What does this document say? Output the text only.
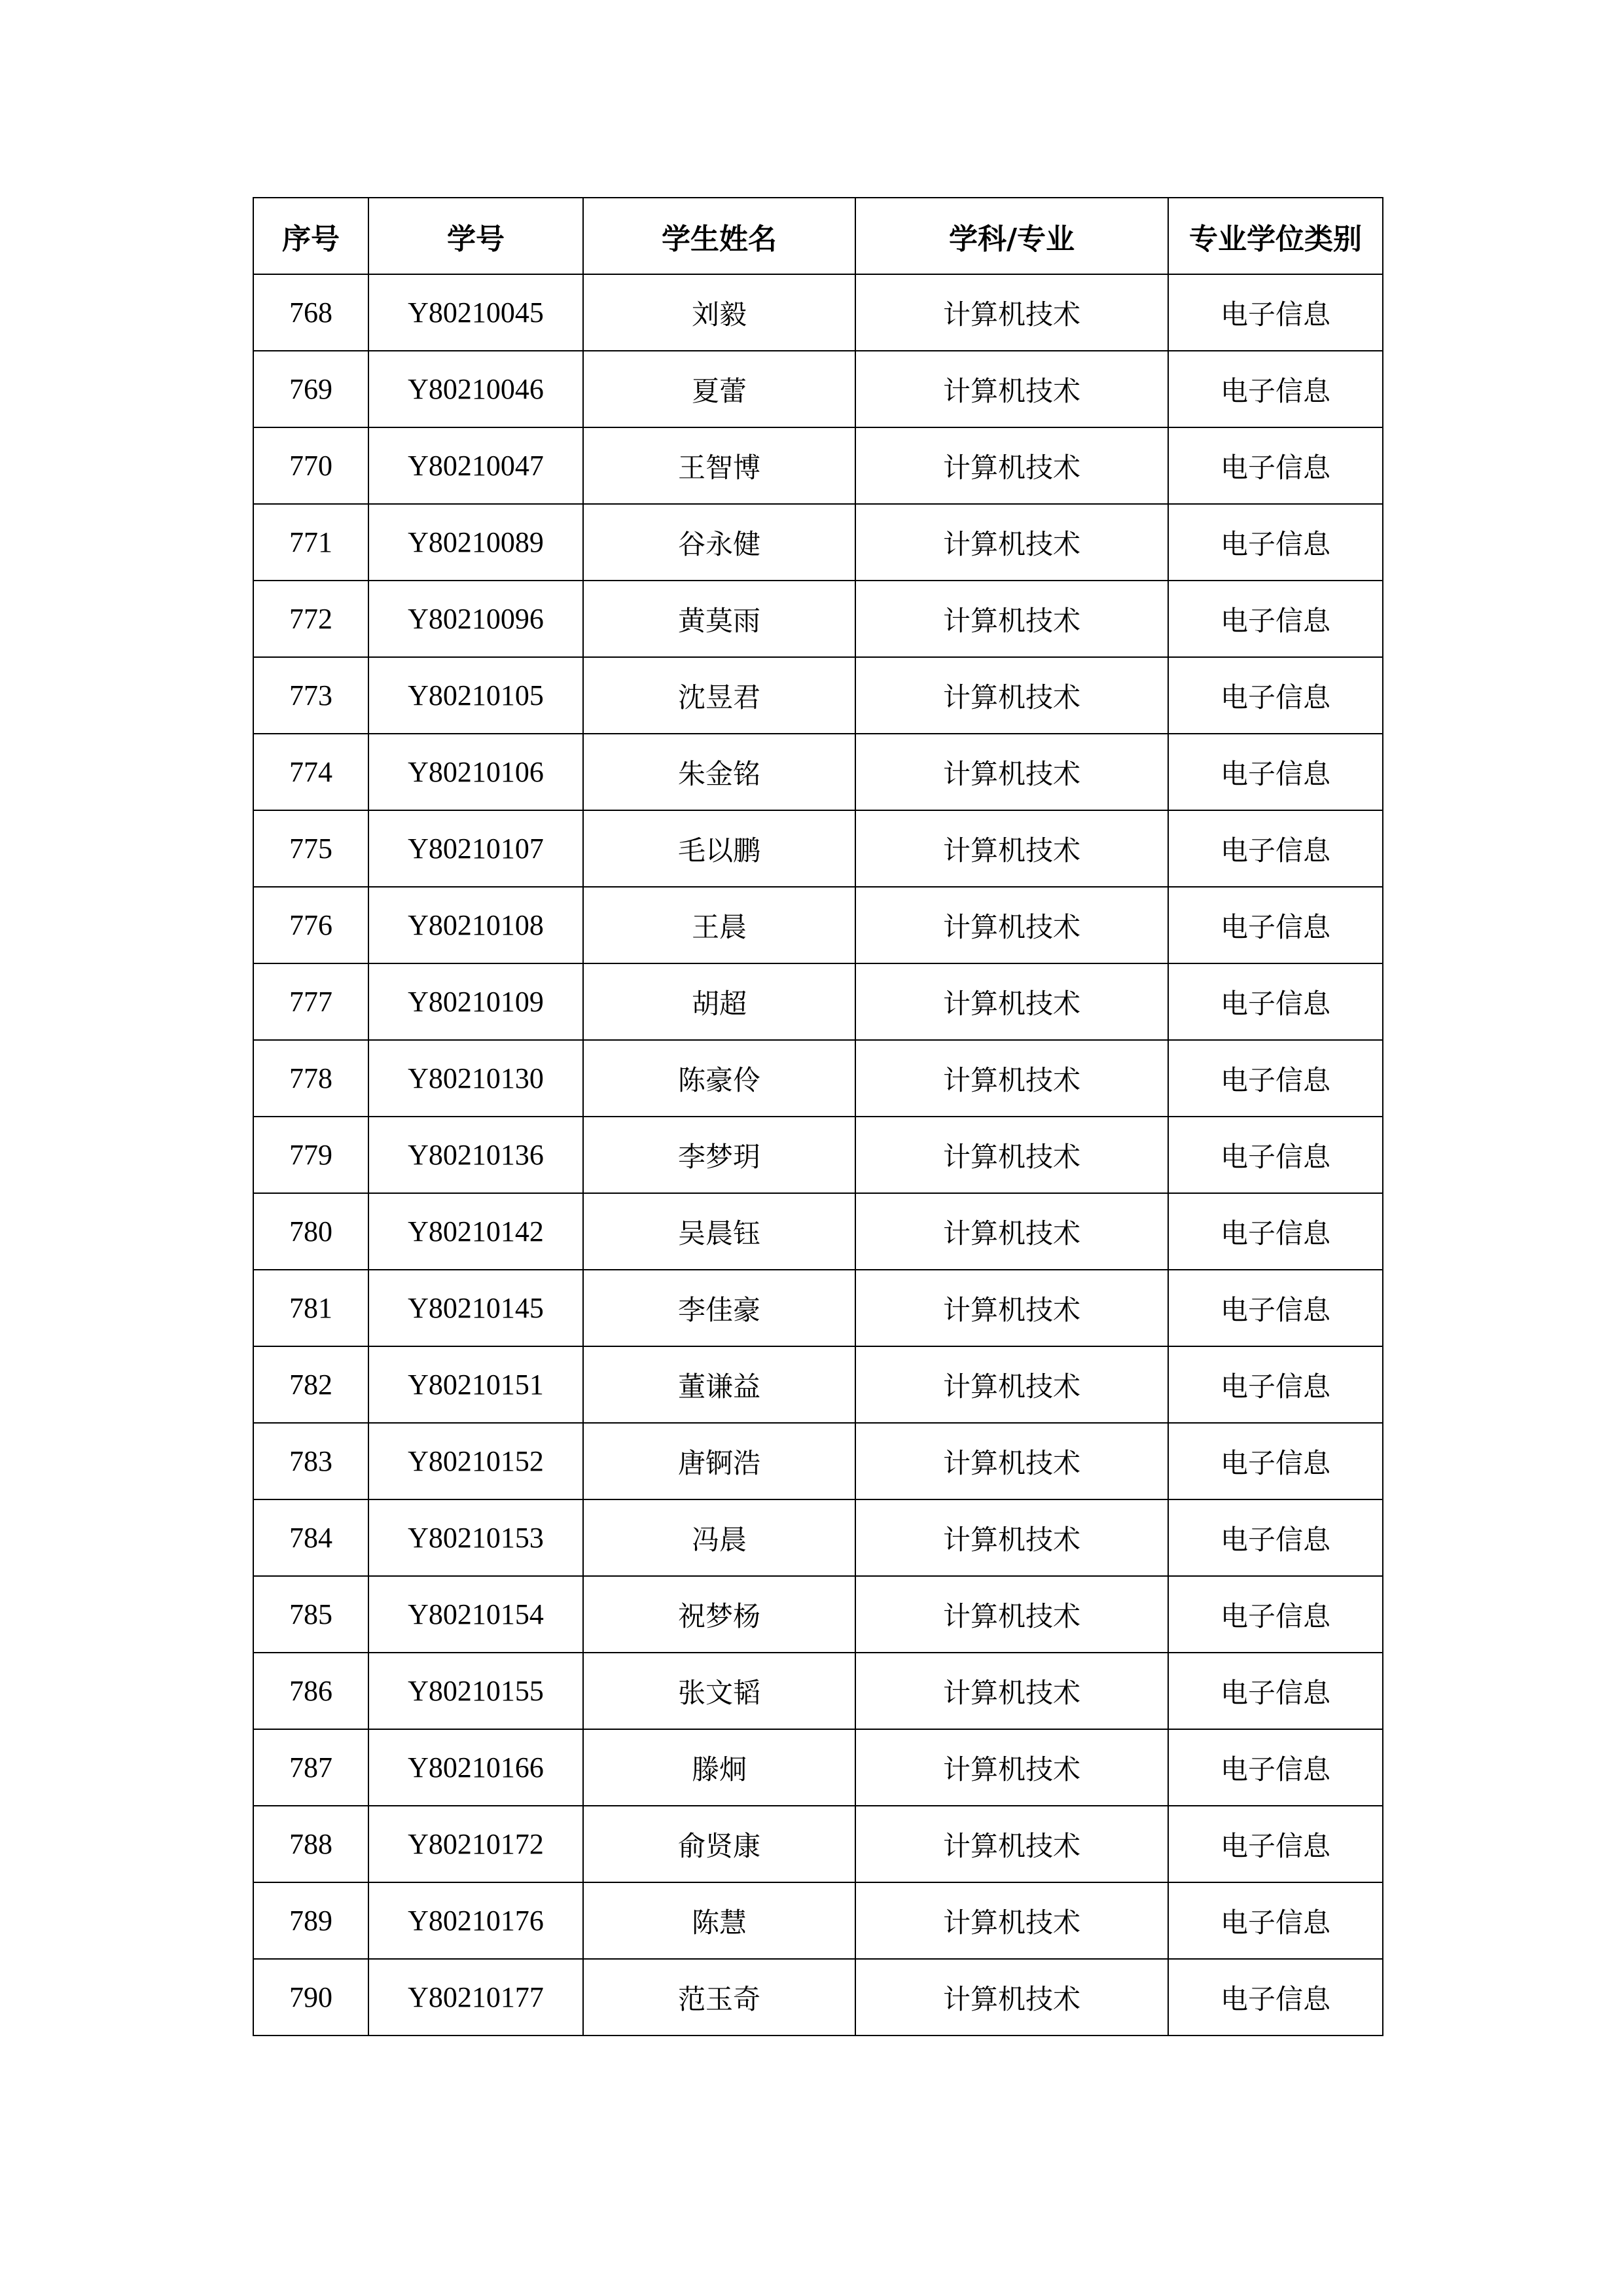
序号	学号	学生姓名	学科/专业	专业学位类别
768	Y80210045	刘毅	计算机技术	电子信息
769	Y80210046	夏蕾	计算机技术	电子信息
770	Y80210047	王智博	计算机技术	电子信息
771	Y80210089	谷永健	计算机技术	电子信息
772	Y80210096	黄莫雨	计算机技术	电子信息
773	Y80210105	沈昱君	计算机技术	电子信息
774	Y80210106	朱金铭	计算机技术	电子信息
775	Y80210107	毛以鹏	计算机技术	电子信息
776	Y80210108	王晨	计算机技术	电子信息
777	Y80210109	胡超	计算机技术	电子信息
778	Y80210130	陈豪伶	计算机技术	电子信息
779	Y80210136	李梦玥	计算机技术	电子信息
780	Y80210142	吴晨钰	计算机技术	电子信息
781	Y80210145	李佳豪	计算机技术	电子信息
782	Y80210151	董谦益	计算机技术	电子信息
783	Y80210152	唐锕浩	计算机技术	电子信息
784	Y80210153	冯晨	计算机技术	电子信息
785	Y80210154	祝梦杨	计算机技术	电子信息
786	Y80210155	张文韬	计算机技术	电子信息
787	Y80210166	滕炯	计算机技术	电子信息
788	Y80210172	俞贤康	计算机技术	电子信息
789	Y80210176	陈慧	计算机技术	电子信息
790	Y80210177	范玉奇	计算机技术	电子信息
